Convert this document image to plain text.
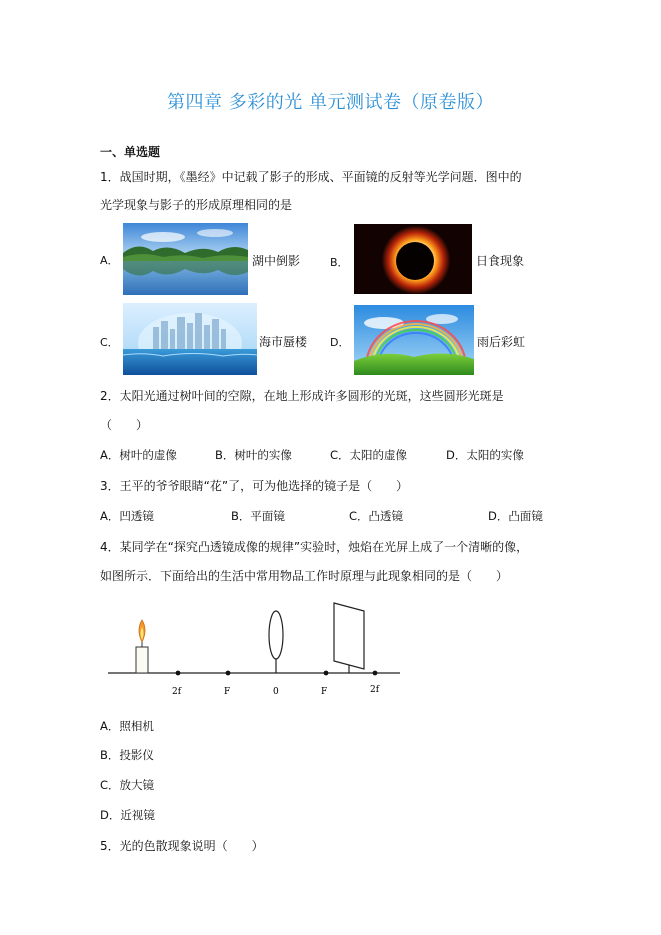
第四章 多彩的光 单元测试卷（原卷版）
一、单选题
1．战国时期，《墨经》中记载了影子的形成、平面镜的反射等光学问题．图中的
光学现象与影子的形成原理相同的是
A．	湖中倒影	B．	日食现象
C．	海市蜃楼 D．	雨后彩虹
2．太阳光通过树叶间的空隙，在地上形成许多圆形的光斑，这些圆形光斑是
（　　）
A．树叶的虚像	B．树叶的实像	C．太阳的虚像	D．太阳的实像
3．王平的爷爷眼睛“花”了，可为他选择的镜子是（　　）
A．凹透镜	B．平面镜	C．凸透镜	D．凸面镜
4．某同学在“探究凸透镜成像的规律”实验时，烛焰在光屏上成了一个清晰的像，
如图所示．下面给出的生活中常用物品工作时原理与此现象相同的是（　　）
2f	F	0	F	2f
A．照相机
B．投影仪
C．放大镜
D．近视镜
5．光的色散现象说明（　　）
